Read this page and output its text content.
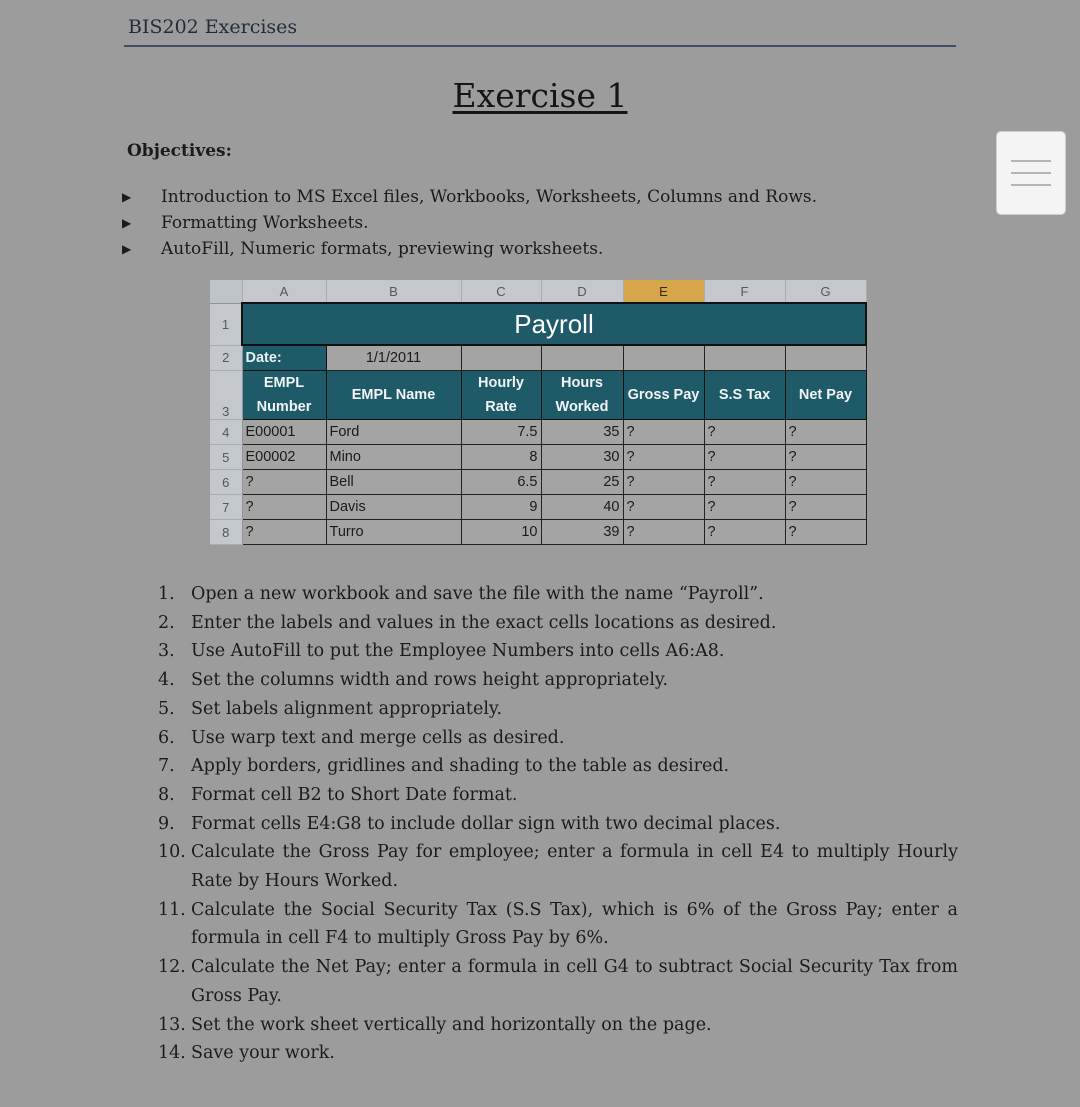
BIS202 Exercises
Exercise 1
Objectives:
▶	Introduction to MS Excel files, Workbooks, Worksheets, Columns and Rows.
▶	Formatting Worksheets.
▶	AutoFill, Numeric formats, previewing worksheets.
	A	B	C	D	E	F	G
1	Payroll						
2	Date:	1/1/2011					
3	EMPL Number	EMPL Name	Hourly Rate	Hours Worked	Gross Pay	S.S Tax	Net Pay
4	E00001	Ford	7.5	35	?	?	?
5	E00002	Mino	8	30	?	?	?
6	?	Bell	6.5	25	?	?	?
7	?	Davis	9	40	?	?	?
8	?	Turro	10	39	?	?	?
1. Open a new workbook and save the file with the name “Payroll”.
2. Enter the labels and values in the exact cells locations as desired.
3. Use AutoFill to put the Employee Numbers into cells A6:A8.
4. Set the columns width and rows height appropriately.
5. Set labels alignment appropriately.
6. Use warp text and merge cells as desired.
7. Apply borders, gridlines and shading to the table as desired.
8. Format cell B2 to Short Date format.
9. Format cells E4:G8 to include dollar sign with two decimal places.
10. Calculate the Gross Pay for employee; enter a formula in cell E4 to multiply Hourly Rate by Hours Worked.
11. Calculate the Social Security Tax (S.S Tax), which is 6% of the Gross Pay; enter a formula in cell F4 to multiply Gross Pay by 6%.
12. Calculate the Net Pay; enter a formula in cell G4 to subtract Social Security Tax from Gross Pay.
13. Set the work sheet vertically and horizontally on the page.
14. Save your work.
